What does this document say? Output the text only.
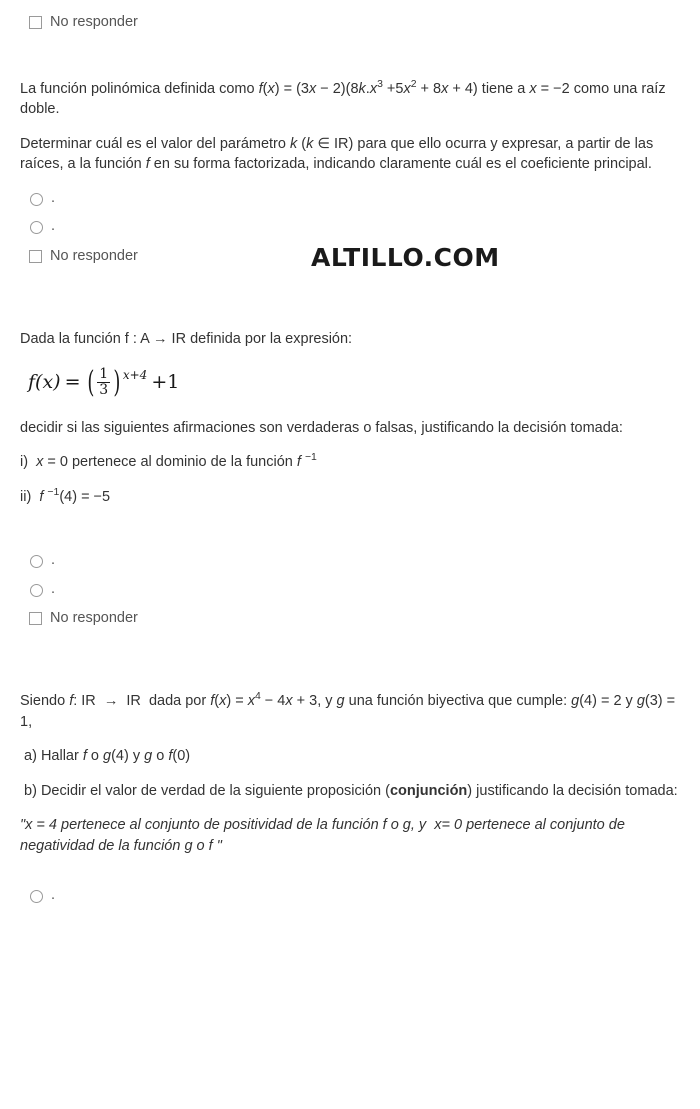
ALTILLO.COM
No responder

La función polinómica definida como $f(x) = (3x - 2)(8k.x^3 +5x^2 + 8x + 4)$ tiene a x = −2 como una raíz doble.

Determinar cuál es el valor del parámetro k (k ∈ IR) para que ello ocurra y expresar, a partir de las raíces, a la función f en su forma factorizada, indicando claramente cuál es el coeficiente principal.

.
.
No responder

Dada la función f : A → IR definida por la expresión:

f(x) = ( $\frac{1}{3}$ ) x+4 +1

decidir si las siguientes afirmaciones son verdaderas o falsas, justificando la decisión tomada:

i)  x = 0 pertenece al dominio de la función f $^{-1}$

ii)  f $^{-1}$(4) = −5

.
.
No responder

Siendo f: IR  →  IR  dada por $f(x) = x^4 - 4x + 3$, y g una función biyectiva que cumple: g(4) = 2 y g(3) = 1,

a) Hallar f o g(4) y g o f(0)

b) Decidir el valor de verdad de la siguiente proposición (conjunción) justificando la decisión tomada:

"x = 4 pertenece al conjunto de positividad de la función f o g, y  x= 0 pertenece al conjunto de negatividad de la función g o f "

.
